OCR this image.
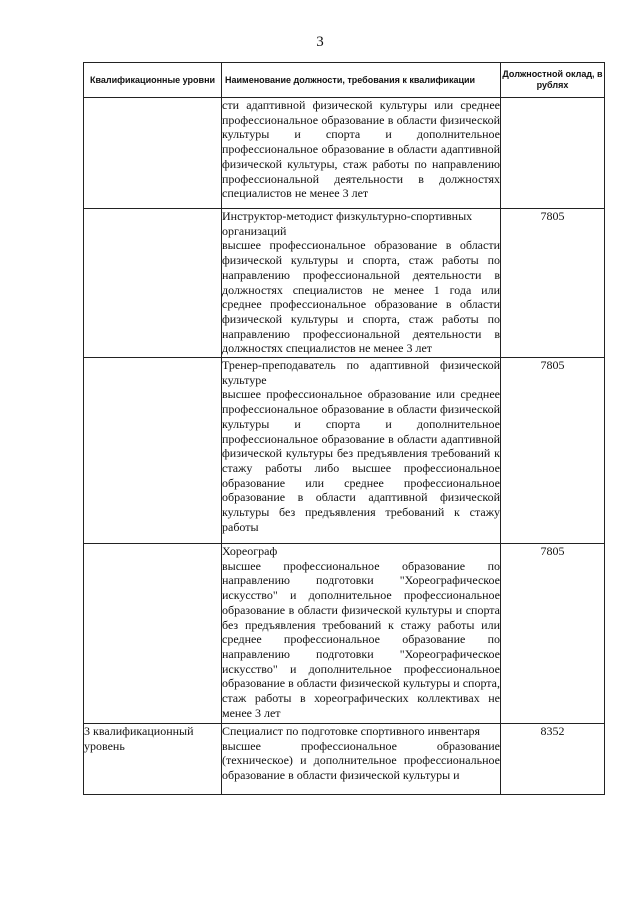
3
Квалификационные уровни	Наименование должности, требования к квалификации	Должностной оклад, в рублях

	сти адаптивной физической культуры или среднее профессиональное образование в области физической культуры и спорта и дополнительное профессиональное образование в области адаптивной физической культуры, стаж работы по направлению профессиональной деятельности в должностях специалистов не менее 3 лет	

	Инструктор-методист физкультурно-спортивных организаций
высшее профессиональное образование в области физической культуры и спорта, стаж работы по направлению профессиональной деятельности в должностях специалистов не менее 1 года или среднее профессиональное образование в области физической культуры и спорта, стаж работы по направлению профессиональной деятельности в должностях специалистов не менее 3 лет	7805

	Тренер-преподаватель по адаптивной физической культуре
высшее профессиональное образование или среднее профессиональное образование в области физической культуры и спорта и дополнительное профессиональное образование в области адаптивной физической культуры без предъявления требований к стажу работы либо высшее профессиональное образование или среднее профессиональное образование в области адаптивной физической культуры без предъявления требований к стажу работы	7805

	Хореограф
высшее профессиональное образование по направлению подготовки "Хореографическое искусство" и дополнительное профессиональное образование в области физической культуры и спорта без предъявления требований к стажу работы или среднее профессиональное образование по направлению подготовки "Хореографическое искусство" и дополнительное профессиональное образование в области физической культуры и спорта, стаж работы в хореографических коллективах не менее 3 лет	7805
3 квалификационный уровень	Специалист по подготовке спортивного инвентаря
высшее профессиональное образование (техническое) и дополнительное профессиональное образование в области физической культуры и	8352
